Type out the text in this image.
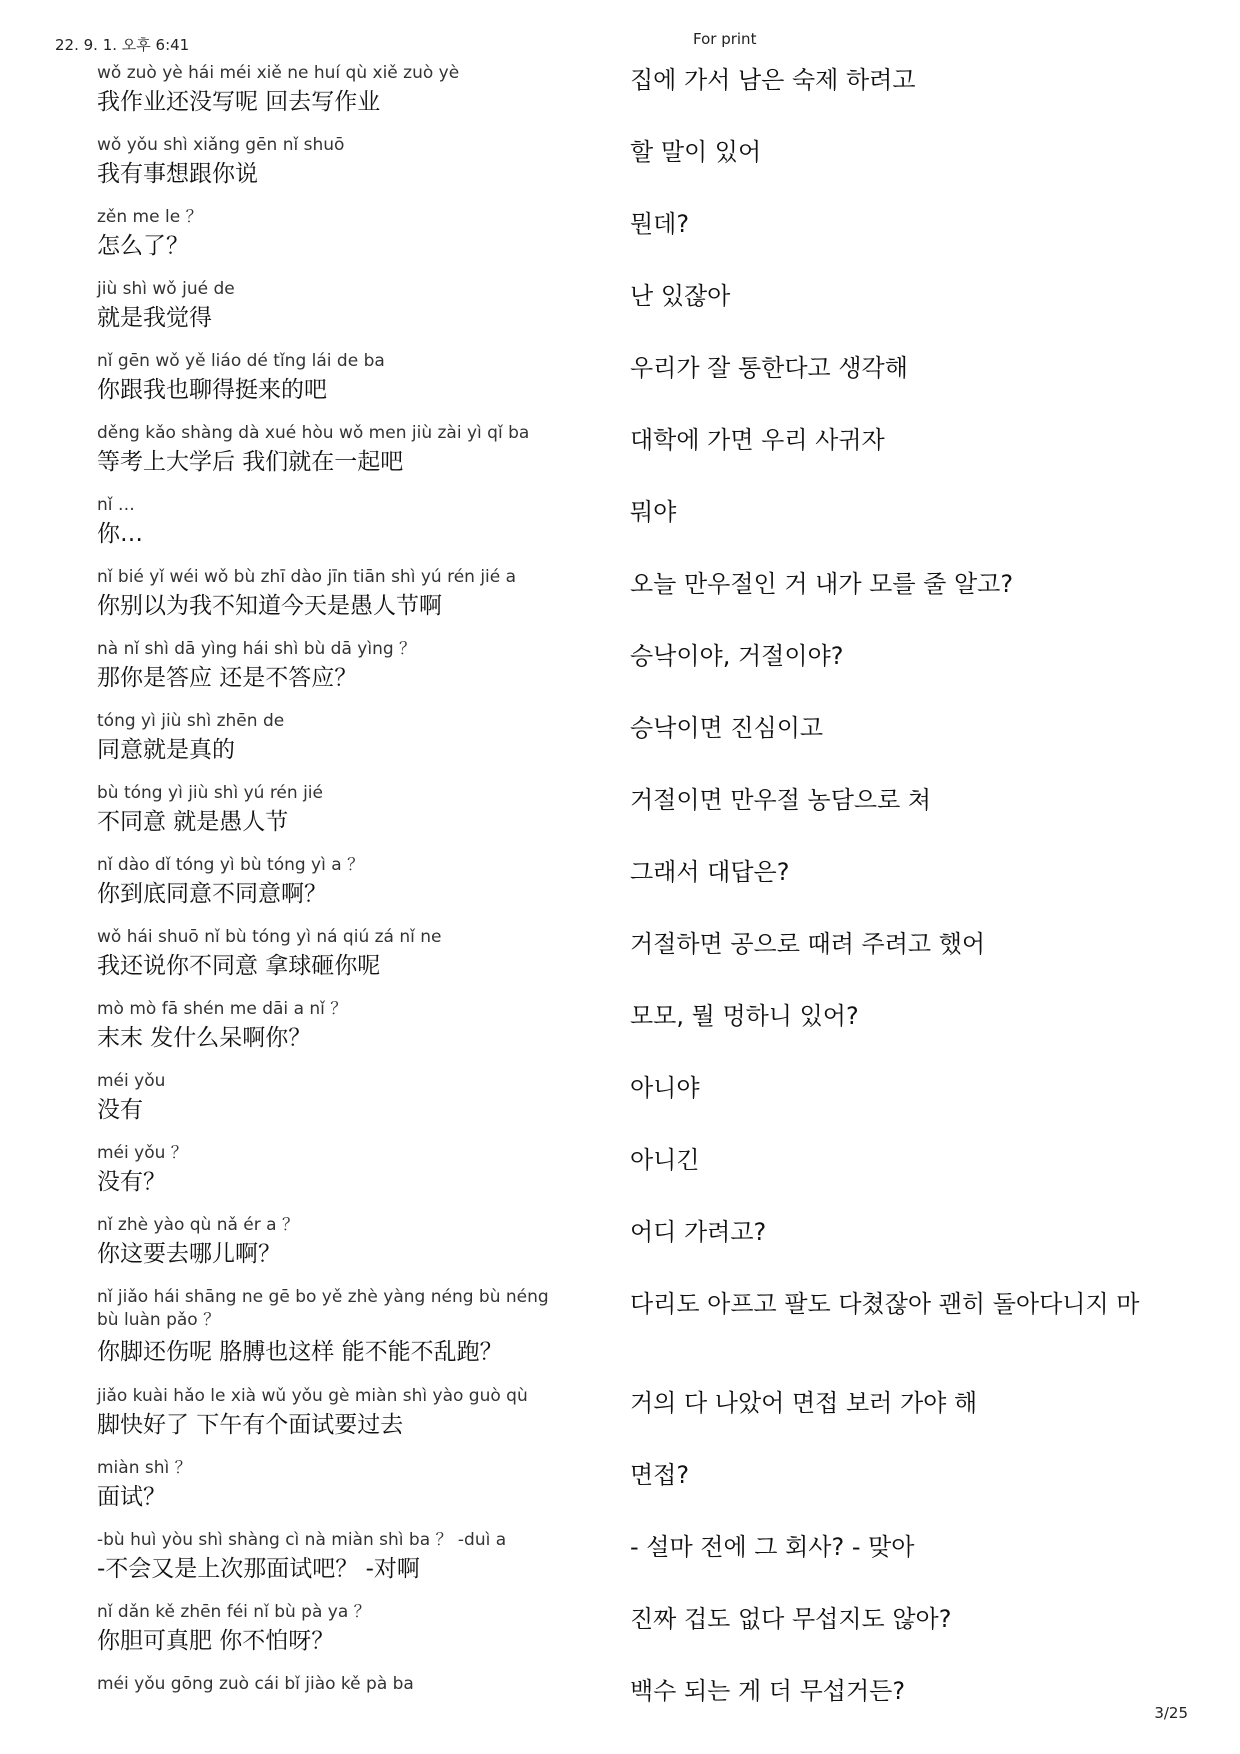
22. 9. 1. 오후 6:41	For print
wǒ zuò yè hái méi xiě ne huí qù xiě zuò yè
我作业还没写呢 回去写作业
집에 가서 남은 숙제 하려고
wǒ yǒu shì xiǎng gēn nǐ shuō
我有事想跟你说
할 말이 있어
zěn me le ？
怎么了？
뭔데?
jiù shì wǒ jué de
就是我觉得
난 있잖아
nǐ gēn wǒ yě liáo dé tǐng lái de ba
你跟我也聊得挺来的吧
우리가 잘 통한다고 생각해
děng kǎo shàng dà xué hòu wǒ men jiù zài yì qǐ ba
等考上大学后 我们就在一起吧
대학에 가면 우리 사귀자
nǐ …
你…
뭐야
nǐ bié yǐ wéi wǒ bù zhī dào jīn tiān shì yú rén jié a
你别以为我不知道今天是愚人节啊
오늘 만우절인 거 내가 모를 줄 알고?
nà nǐ shì dā yìng hái shì bù dā yìng ？
那你是答应 还是不答应？
승낙이야, 거절이야?
tóng yì jiù shì zhēn de
同意就是真的
승낙이면 진심이고
bù tóng yì jiù shì yú rén jié
不同意 就是愚人节
거절이면 만우절 농담으로 쳐
nǐ dào dǐ tóng yì bù tóng yì a ？
你到底同意不同意啊？
그래서 대답은?
wǒ hái shuō nǐ bù tóng yì ná qiú zá nǐ ne
我还说你不同意 拿球砸你呢
거절하면 공으로 때려 주려고 했어
mò mò fā shén me dāi a nǐ ？
末末 发什么呆啊你？
모모, 뭘 멍하니 있어?
méi yǒu
没有
아니야
méi yǒu ？
没有？
아니긴
nǐ zhè yào qù nǎ ér a ？
你这要去哪儿啊？
어디 가려고?
nǐ jiǎo hái shāng ne gē bo yě zhè yàng néng bù néng bù luàn pǎo ？
你脚还伤呢 胳膊也这样 能不能不乱跑？
다리도 아프고 팔도 다쳤잖아 괜히 돌아다니지 마
jiǎo kuài hǎo le xià wǔ yǒu gè miàn shì yào guò qù
脚快好了 下午有个面试要过去
거의 다 나았어 면접 보러 가야 해
miàn shì ？
面试？
면접?
-bù huì yòu shì shàng cì nà miàn shì ba ？ -duì a
-不会又是上次那面试吧？ -对啊
- 설마 전에 그 회사? - 맞아
nǐ dǎn kě zhēn féi nǐ bù pà ya ？
你胆可真肥 你不怕呀？
진짜 겁도 없다 무섭지도 않아?
méi yǒu gōng zuò cái bǐ jiào kě pà ba	백수 되는 게 더 무섭거든?
3/25
